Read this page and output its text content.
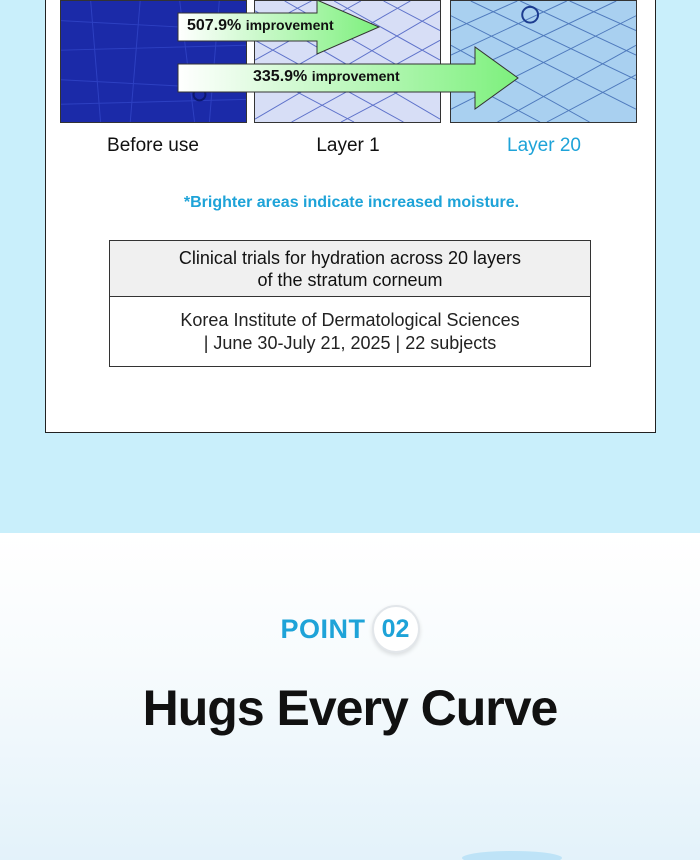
507.9% improvement
335.9% improvement
Before use	Layer 1	Layer 20
*Brighter areas indicate increased moisture.
Clinical trials for hydration across 20 layers
of the stratum corneum
Korea Institute of Dermatological Sciences
| June 30-July 21, 2025 | 22 subjects
POINT 02
Hugs Every Curve
